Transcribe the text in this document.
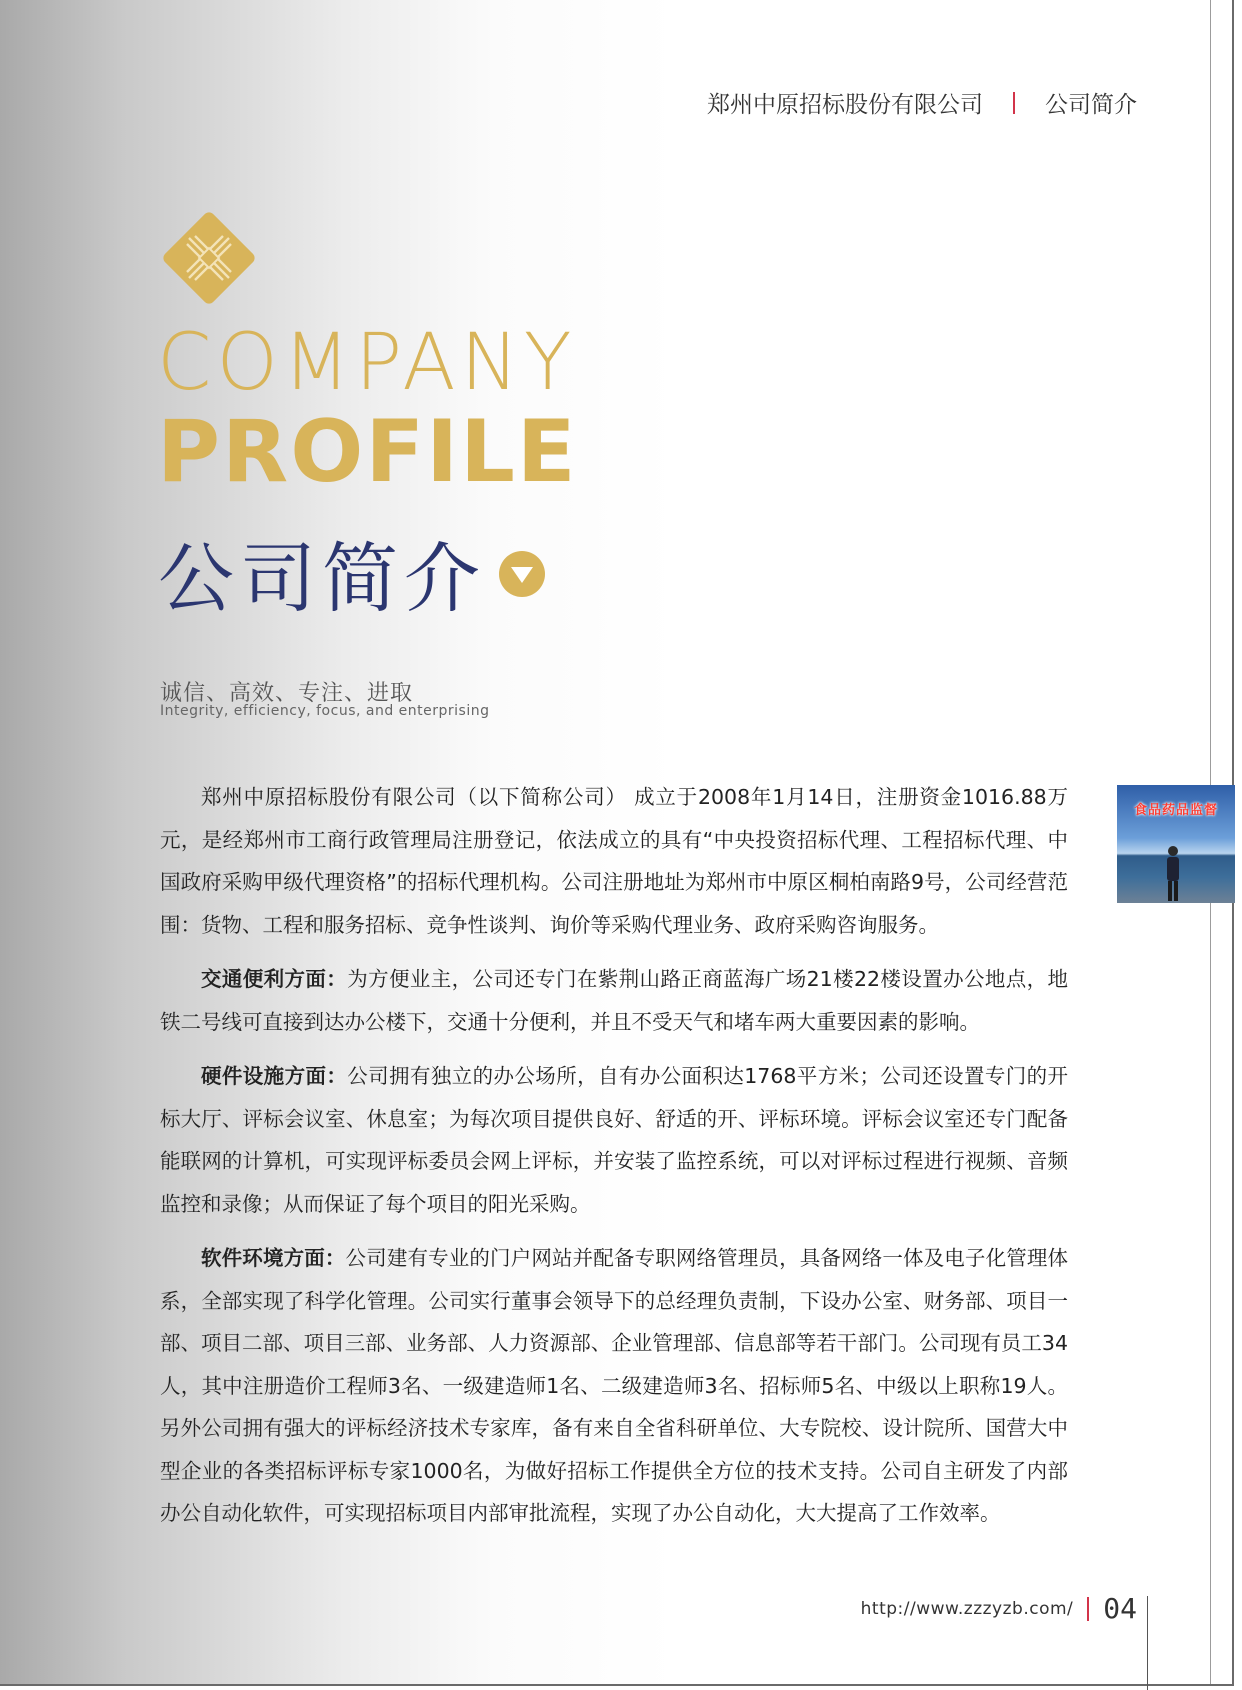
郑州中原招标股份有限公司	公司简介
COMPANY
PROFILE
公司简介
诚信、高效、专注、进取
Integrity, efficiency, focus, and enterprising

郑州中原招标股份有限公司（以下简称公司） 成立于2008年1月14日，注册资金1016.88万元，是经郑州市工商行政管理局注册登记，依法成立的具有“中央投资招标代理、工程招标代理、中国政府采购甲级代理资格”的招标代理机构。公司注册地址为郑州市中原区桐柏南路9号，公司经营范围：货物、工程和服务招标、竞争性谈判、询价等采购代理业务、政府采购咨询服务。

交通便利方面：为方便业主，公司还专门在紫荆山路正商蓝海广场21楼22楼设置办公地点，地铁二号线可直接到达办公楼下，交通十分便利，并且不受天气和堵车两大重要因素的影响。

硬件设施方面：公司拥有独立的办公场所，自有办公面积达1768平方米；公司还设置专门的开标大厅、评标会议室、休息室；为每次项目提供良好、舒适的开、评标环境。评标会议室还专门配备能联网的计算机，可实现评标委员会网上评标，并安装了监控系统，可以对评标过程进行视频、音频监控和录像；从而保证了每个项目的阳光采购。

软件环境方面：公司建有专业的门户网站并配备专职网络管理员，具备网络一体及电子化管理体系，全部实现了科学化管理。公司实行董事会领导下的总经理负责制，下设办公室、财务部、项目一部、项目二部、项目三部、业务部、人力资源部、企业管理部、信息部等若干部门。公司现有员工34人，其中注册造价工程师3名、一级建造师1名、二级建造师3名、招标师5名、中级以上职称19人。另外公司拥有强大的评标经济技术专家库，备有来自全省科研单位、大专院校、设计院所、国营大中型企业的各类招标评标专家1000名，为做好招标工作提供全方位的技术支持。公司自主研发了内部办公自动化软件，可实现招标项目内部审批流程，实现了办公自动化，大大提高了工作效率。

食品药品监督
http://www.zzzyzb.com/ 04
